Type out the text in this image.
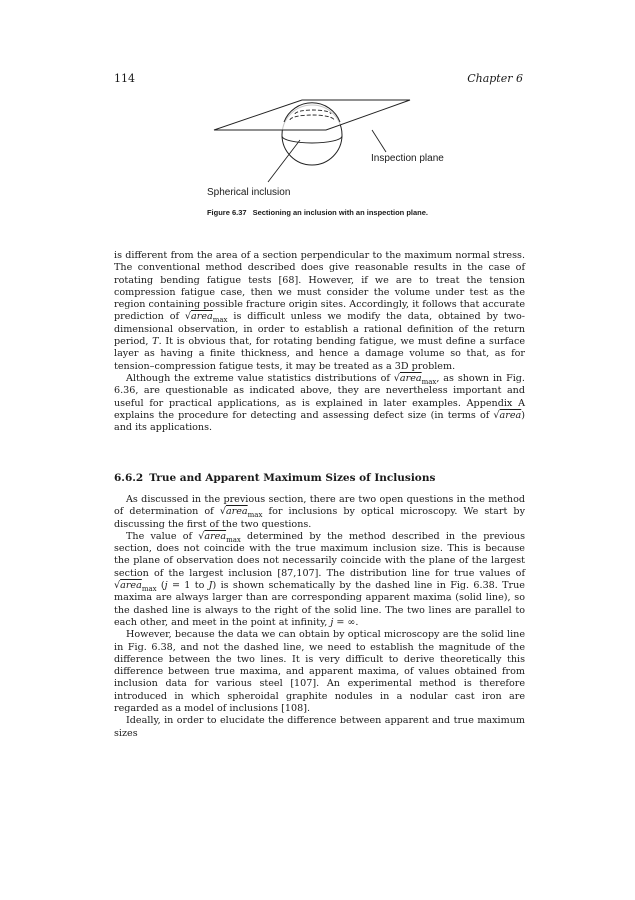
114	Chapter 6
Inspection plane
Spherical inclusion
Figure 6.37 Sectioning an inclusion with an inspection plane.

is different from the area of a section perpendicular to the maximum normal stress. The conventional method described does give reasonable results in the case of rotating bending fatigue tests [68]. However, if we are to treat the tension compression fatigue case, then we must consider the volume under test as the region containing possible fracture origin sites. Accordingly, it follows that accurate prediction of √area$_{max}$ is difficult unless we modify the data, obtained by two-dimensional observation, in order to establish a rational definition of the return period, T. It is obvious that, for rotating bending fatigue, we must define a surface layer as having a finite thickness, and hence a damage volume so that, as for tension–compression fatigue tests, it may be treated as a 3D problem.

Although the extreme value statistics distributions of √area$_{max}$, as shown in Fig. 6.36, are questionable as indicated above, they are nevertheless important and useful for practical applications, as is explained in later examples. Appendix A explains the procedure for detecting and assessing defect size (in terms of √area) and its applications.

6.6.2 True and Apparent Maximum Sizes of Inclusions

As discussed in the previous section, there are two open questions in the method of determination of √area$_{max}$ for inclusions by optical microscopy. We start by discussing the first of the two questions.

The value of √area$_{max}$ determined by the method described in the previous section, does not coincide with the true maximum inclusion size. This is because the plane of observation does not necessarily coincide with the plane of the largest section of the largest inclusion [87,107]. The distribution line for true values of √area$_{max}$ (j = 1 to J) is shown schematically by the dashed line in Fig. 6.38. True maxima are always larger than are corresponding apparent maxima (solid line), so the dashed line is always to the right of the solid line. The two lines are parallel to each other, and meet in the point at infinity, j = ∞.

However, because the data we can obtain by optical microscopy are the solid line in Fig. 6.38, and not the dashed line, we need to establish the magnitude of the difference between the two lines. It is very difficult to derive theoretically this difference between true maxima, and apparent maxima, of values obtained from inclusion data for various steel [107]. An experimental method is therefore introduced in which spheroidal graphite nodules in a nodular cast iron are regarded as a model of inclusions [108].

Ideally, in order to elucidate the difference between apparent and true maximum sizes
